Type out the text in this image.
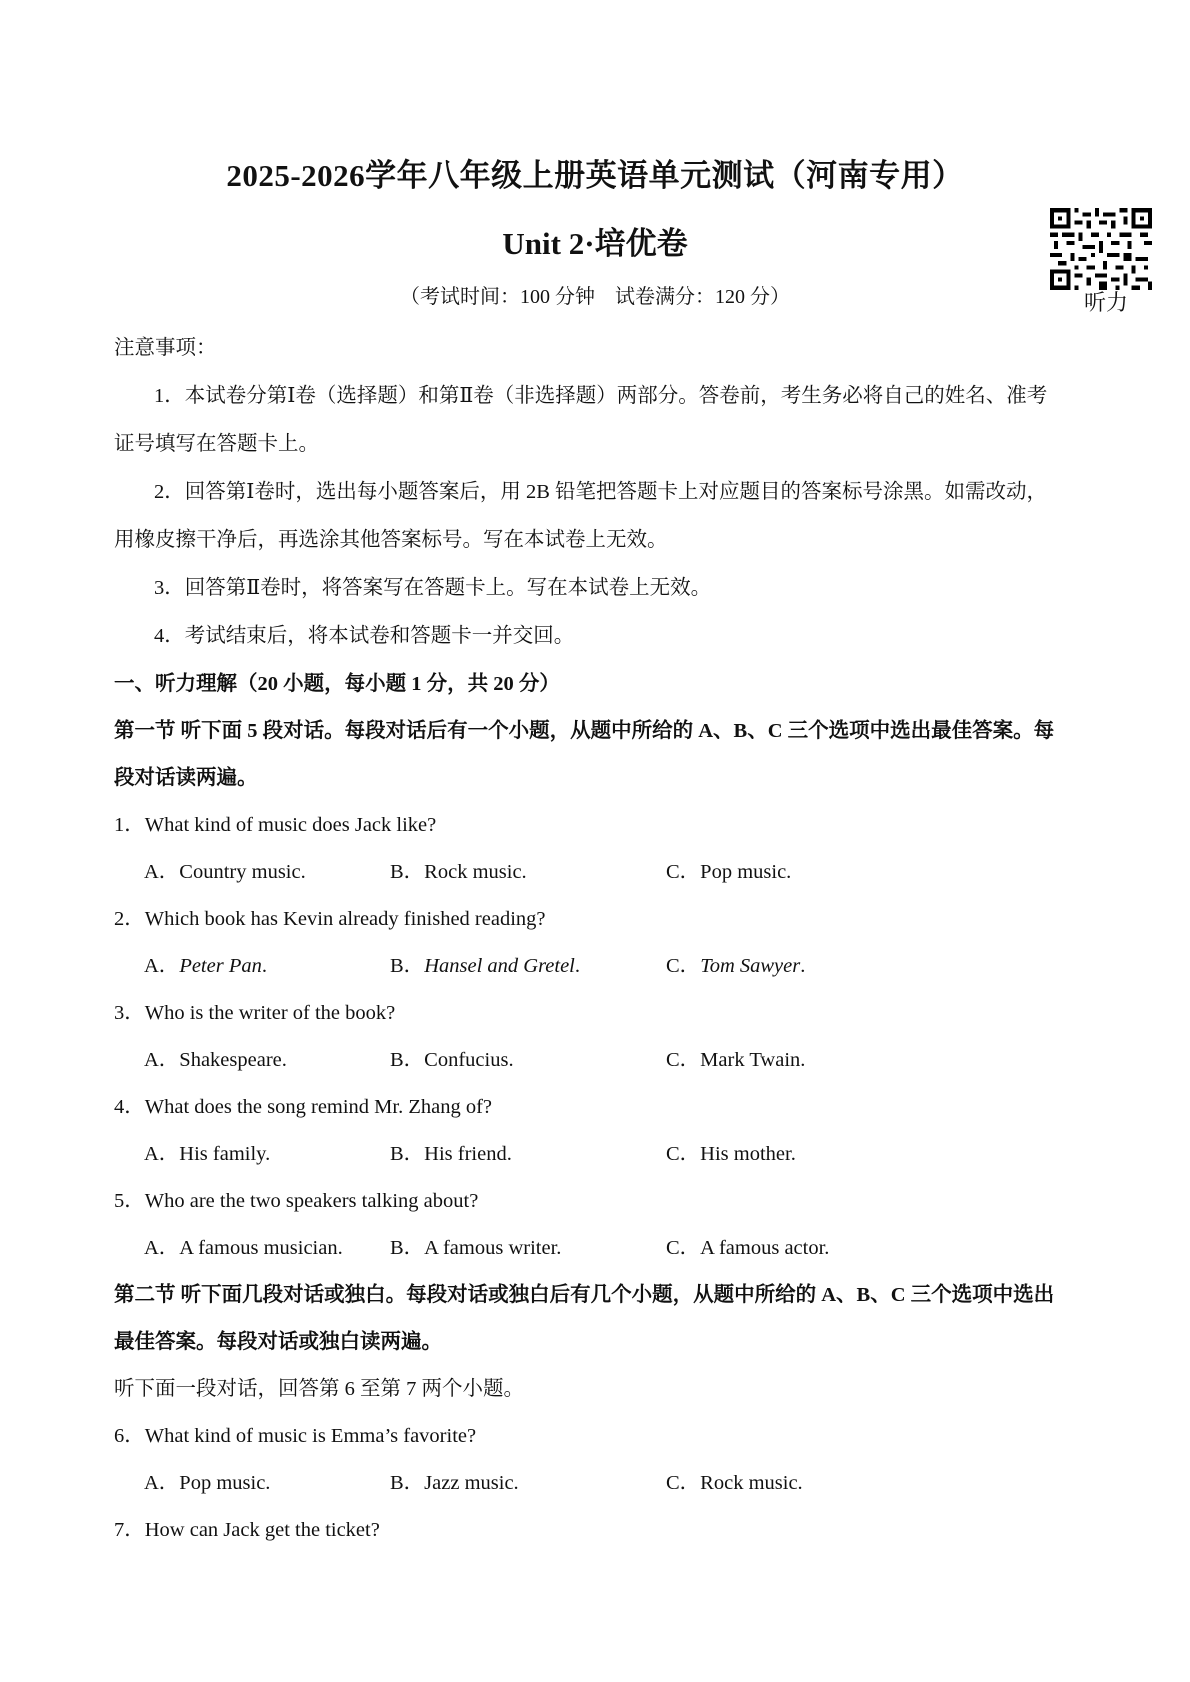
2025-2026学年八年级上册英语单元测试（河南专用）
Unit 2·培优卷
（考试时间：100 分钟　试卷满分：120 分）	听力
注意事项：
1．本试卷分第Ⅰ卷（选择题）和第Ⅱ卷（非选择题）两部分。答卷前，考生务必将自己的姓名、准考
证号填写在答题卡上。
2．回答第Ⅰ卷时，选出每小题答案后，用 2B 铅笔把答题卡上对应题目的答案标号涂黑。如需改动，
用橡皮擦干净后，再选涂其他答案标号。写在本试卷上无效。
3．回答第Ⅱ卷时，将答案写在答题卡上。写在本试卷上无效。
4．考试结束后，将本试卷和答题卡一并交回。
一、听力理解（20 小题，每小题 1 分，共 20 分）
第一节 听下面 5 段对话。每段对话后有一个小题，从题中所给的 A、B、C 三个选项中选出最佳答案。每
段对话读两遍。
1．What kind of music does Jack like?
A．Country music.	B．Rock music.	C．Pop music.
2．Which book has Kevin already finished reading?
A．Peter Pan.	B．Hansel and Gretel.	C．Tom Sawyer.
3．Who is the writer of the book?
A．Shakespeare.	B．Confucius.	C．Mark Twain.
4．What does the song remind Mr. Zhang of?
A．His family.	B．His friend.	C．His mother.
5．Who are the two speakers talking about?
A．A famous musician. B．A famous writer.	C．A famous actor.
第二节 听下面几段对话或独白。每段对话或独白后有几个小题，从题中所给的 A、B、C 三个选项中选出
最佳答案。每段对话或独白读两遍。
听下面一段对话，回答第 6 至第 7 两个小题。
6．What kind of music is Emma’s favorite?
A．Pop music.	B．Jazz music.	C．Rock music.
7．How can Jack get the ticket?
